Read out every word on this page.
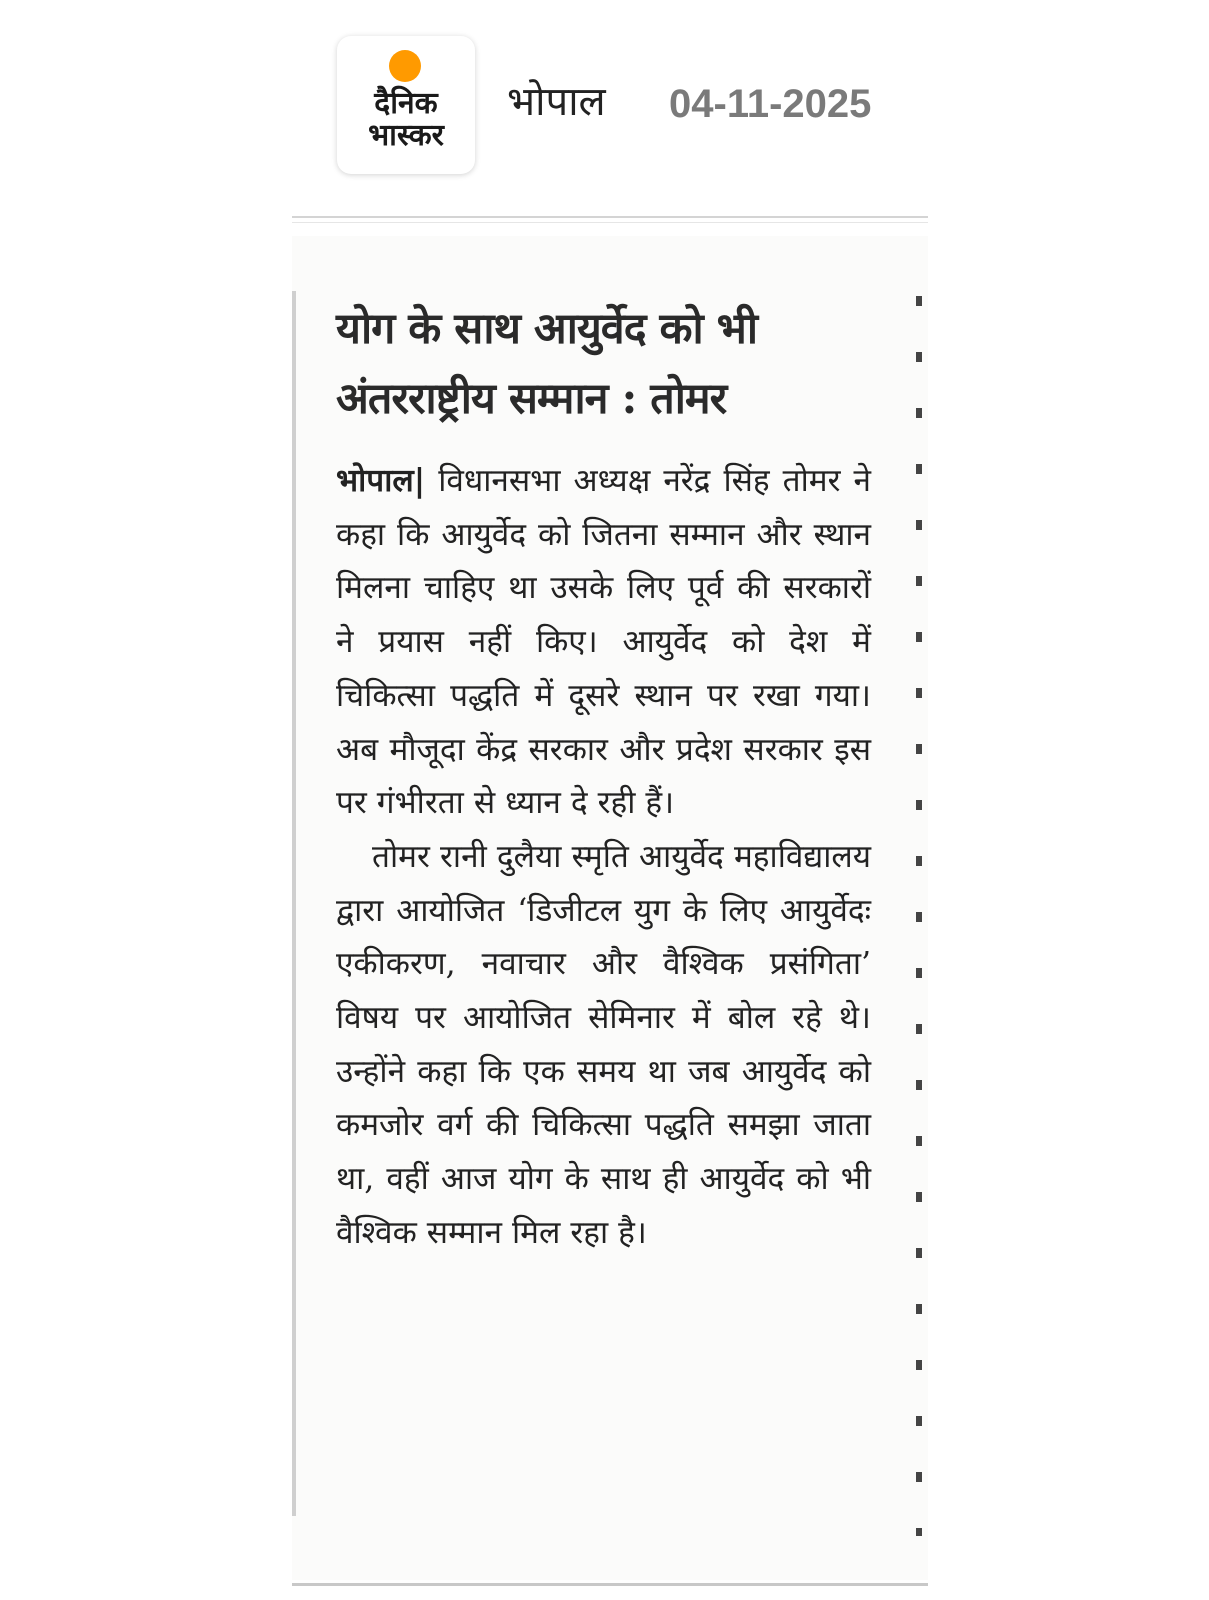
दैनिक
भास्कर
भोपाल 04-11-2025
योग के साथ आयुर्वेद को भी
अंतरराष्ट्रीय सम्मान : तोमर

भोपाल| विधानसभा अध्यक्ष नरेंद्र सिंह तोमर ने कहा कि आयुर्वेद को जितना सम्मान और स्थान मिलना चाहिए था उसके लिए पूर्व की सरकारों ने प्रयास नहीं किए। आयुर्वेद को देश में चिकित्सा पद्धति में दूसरे स्थान पर रखा गया। अब मौजूदा केंद्र सरकार और प्रदेश सरकार इस पर गंभीरता से ध्यान दे रही हैं।

तोमर रानी दुलैया स्मृति आयुर्वेद महाविद्यालय द्वारा आयोजित ‘डिजीटल युग के लिए आयुर्वेदः एकीकरण, नवाचार और वैश्विक प्रसंगिता’ विषय पर आयोजित सेमिनार में बोल रहे थे। उन्होंने कहा कि एक समय था जब आयुर्वेद को कमजोर वर्ग की चिकित्सा पद्धति समझा जाता था, वहीं आज योग के साथ ही आयुर्वेद को भी वैश्विक सम्मान मिल रहा है।
